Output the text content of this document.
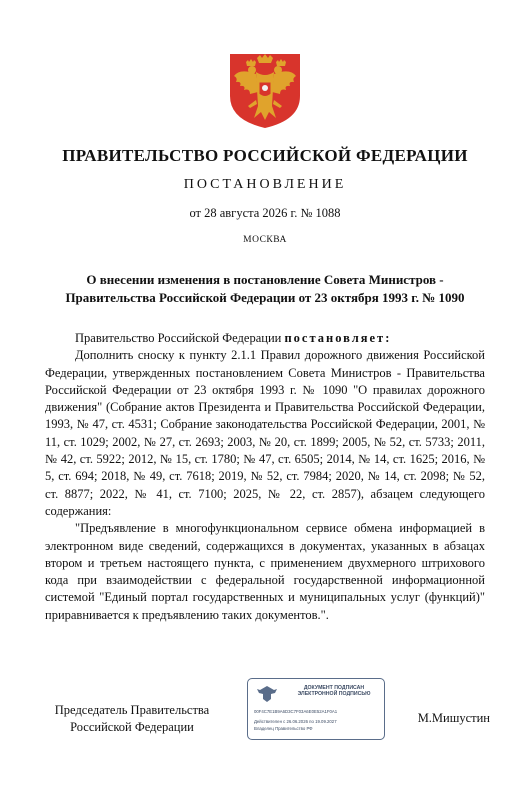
ПРАВИТЕЛЬСТВО РОССИЙСКОЙ ФЕДЕРАЦИИ
ПОСТАНОВЛЕНИЕ
от 28 августа 2026 г. № 1088
МОСКВА
О внесении изменения в постановление Совета Министров -
Правительства Российской Федерации от 23 октября 1993 г. № 1090

Правительство Российской Федерации постановляет:

Дополнить сноску к пункту 2.1.1 Правил дорожного движения Российской Федерации, утвержденных постановлением Совета Министров - Правительства Российской Федерации от 23 октября 1993 г. № 1090 "О правилах дорожного движения" (Собрание актов Президента и Правительства Российской Федерации, 1993, № 47, ст. 4531; Собрание законодательства Российской Федерации, 2001, № 11, ст. 1029; 2002, № 27, ст. 2693; 2003, № 20, ст. 1899; 2005, № 52, ст. 5733; 2011, № 42, ст. 5922; 2012, № 15, ст. 1780; № 47, ст. 6505; 2014, № 14, ст. 1625; 2016, № 5, ст. 694; 2018, № 49, ст. 7618; 2019, № 52, ст. 7984; 2020, № 14, ст. 2098; № 52, ст. 8877; 2022, № 41, ст. 7100; 2025, № 22, ст. 2857), абзацем следующего содержания:

"Предъявление в многофункциональном сервисе обмена информацией в электронном виде сведений, содержащихся в документах, указанных в абзацах втором и третьем настоящего пункта, с применением двухмерного штрихового кода при взаимодействии с федеральной государственной информационной системой "Единый портал государственных и муниципальных услуг (функций)" приравнивается к предъявлению таких документов.".

Председатель Правительства
Российской Федерации
ДОКУМЕНТ ПОДПИСАН
ЭЛЕКТРОННОЙ ПОДПИСЬЮ
00F4C7E1B9A6D3C7F03A6E0E52A1F0A1
Действителен с 26.06.2026 по 19.09.2027
Владелец Правительство РФ
М.Мишустин
